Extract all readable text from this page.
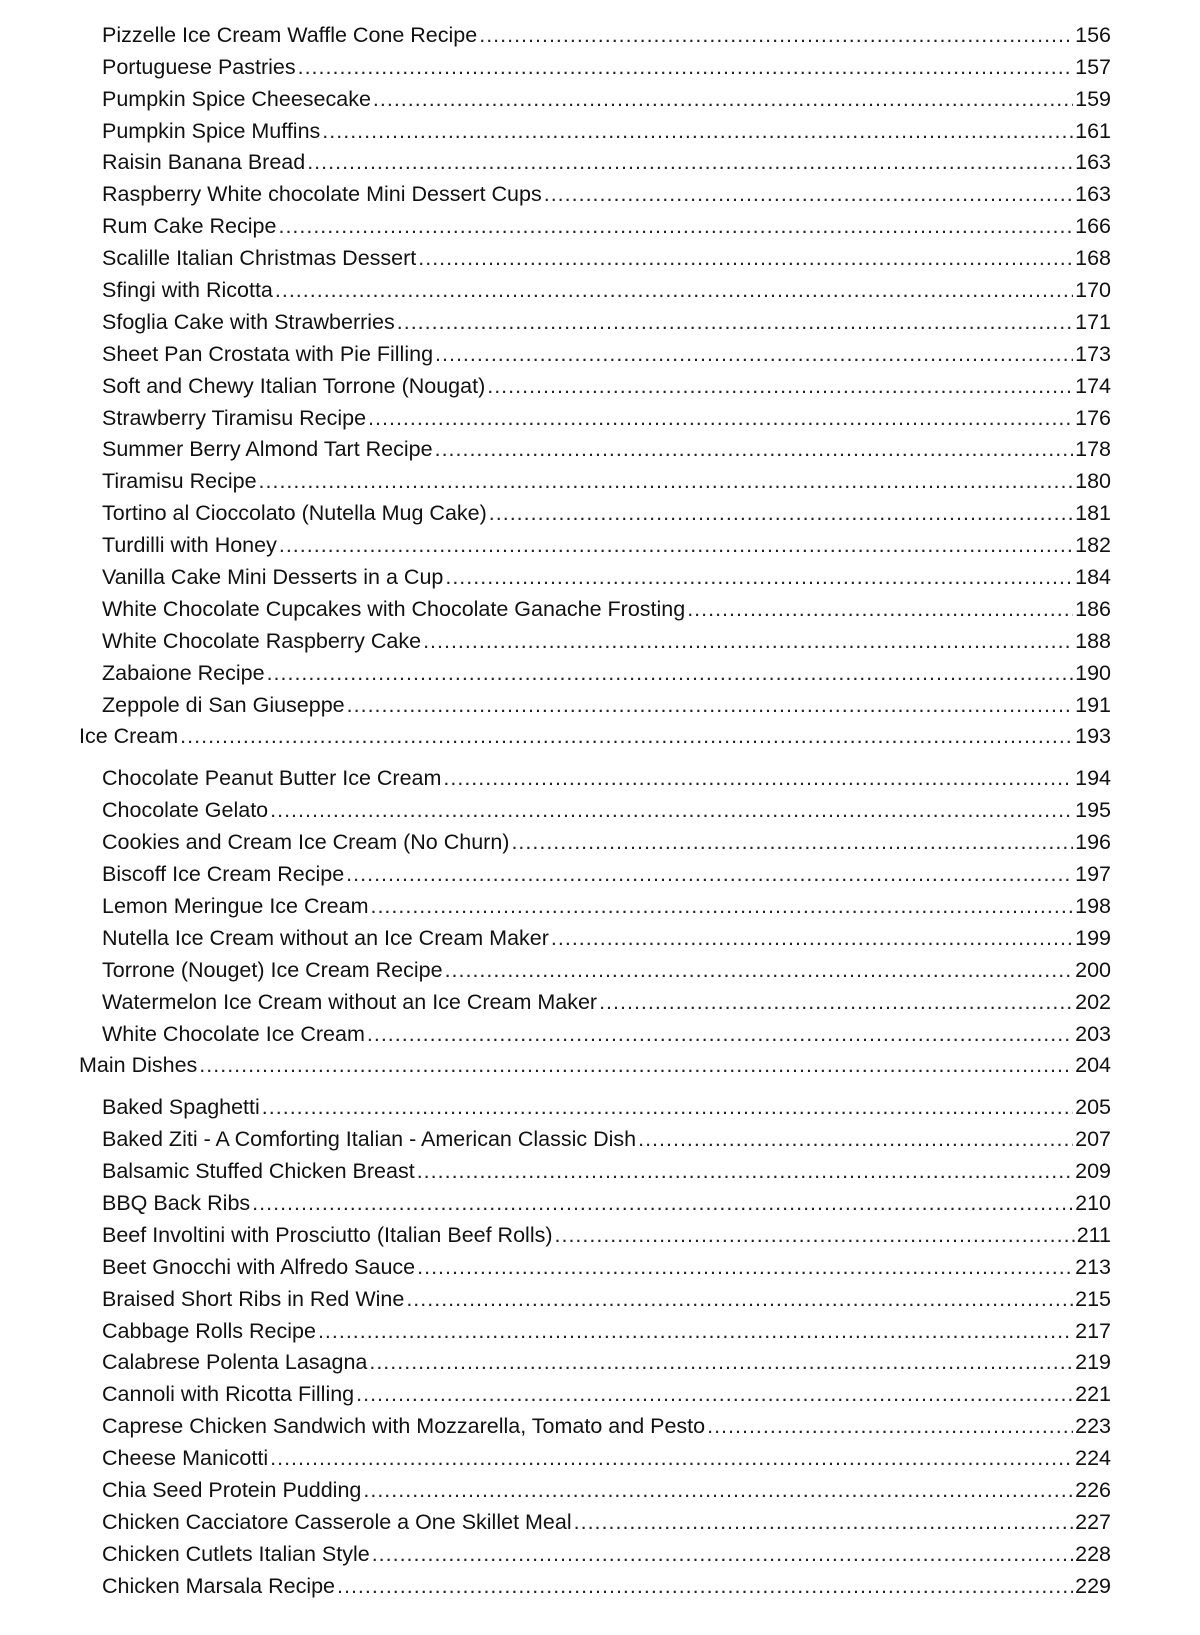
Pizzelle Ice Cream Waffle Cone Recipe .....	156
Portuguese Pastries .....	157
Pumpkin Spice Cheesecake .....	159
Pumpkin Spice Muffins .....	161
Raisin Banana Bread .....	163
Raspberry White chocolate Mini Dessert Cups .....	163
Rum Cake Recipe .....	166
Scalille Italian Christmas Dessert .....	168
Sfingi with Ricotta .....	170
Sfoglia Cake with Strawberries .....	171
Sheet Pan Crostata with Pie Filling .....	173
Soft and Chewy Italian Torrone (Nougat) .....	174
Strawberry Tiramisu Recipe .....	176
Summer Berry Almond Tart Recipe .....	178
Tiramisu Recipe .....	180
Tortino al Cioccolato (Nutella Mug Cake) .....	181
Turdilli with Honey .....	182
Vanilla Cake Mini Desserts in a Cup .....	184
White Chocolate Cupcakes with Chocolate Ganache Frosting .....	186
White Chocolate Raspberry Cake .....	188
Zabaione Recipe .....	190
Zeppole di San Giuseppe .....	191
Ice Cream .....	193
Chocolate Peanut Butter Ice Cream .....	194
Chocolate Gelato .....	195
Cookies and Cream Ice Cream (No Churn) .....	196
Biscoff Ice Cream Recipe .....	197
Lemon Meringue Ice Cream .....	198
Nutella Ice Cream without an Ice Cream Maker .....	199
Torrone (Nouget) Ice Cream Recipe .....	200
Watermelon Ice Cream without an Ice Cream Maker .....	202
White Chocolate Ice Cream .....	203
Main Dishes .....	204
Baked Spaghetti .....	205
Baked Ziti - A Comforting Italian - American Classic Dish .....	207
Balsamic Stuffed Chicken Breast .....	209
BBQ Back Ribs .....	210
Beef Involtini with Prosciutto (Italian Beef Rolls) .....	211
Beet Gnocchi with Alfredo Sauce .....	213
Braised Short Ribs in Red Wine .....	215
Cabbage Rolls Recipe .....	217
Calabrese Polenta Lasagna .....	219
Cannoli with Ricotta Filling .....	221
Caprese Chicken Sandwich with Mozzarella, Tomato and Pesto .....	223
Cheese Manicotti .....	224
Chia Seed Protein Pudding .....	226
Chicken Cacciatore Casserole a One Skillet Meal .....	227
Chicken Cutlets Italian Style .....	228
Chicken Marsala Recipe .....	229
